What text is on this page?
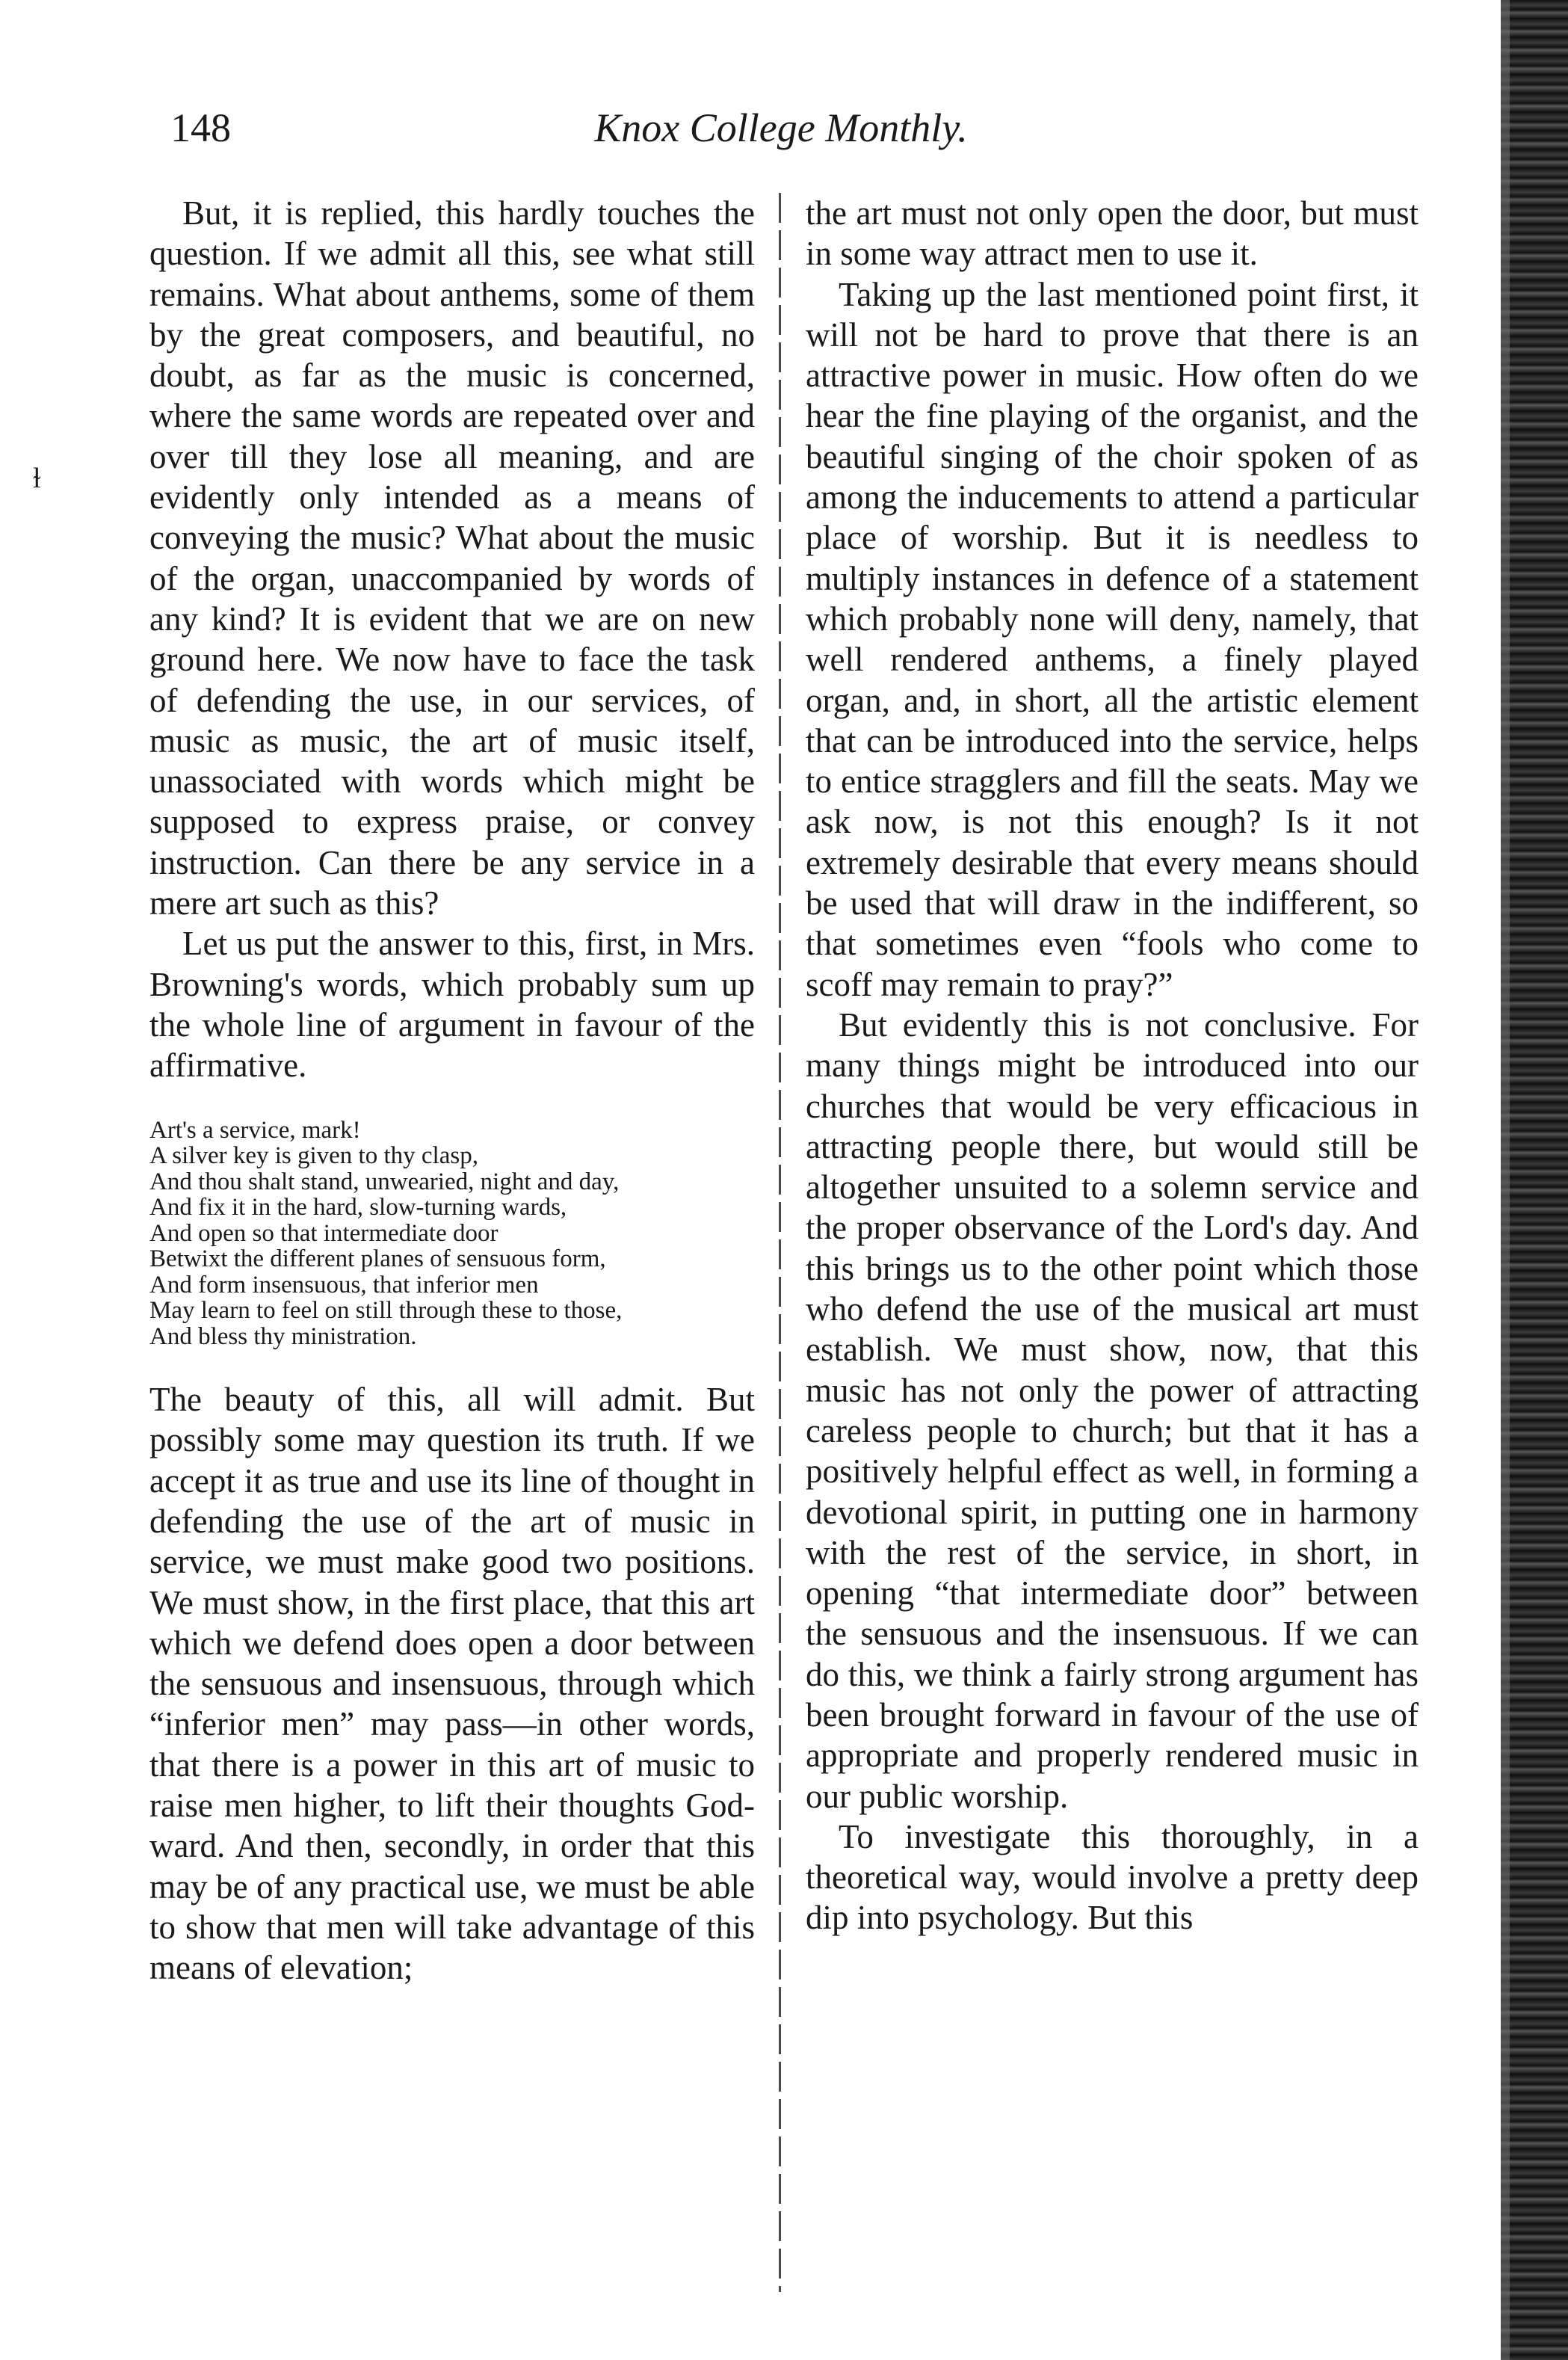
148	Knox College Monthly.
ɫ

But, it is replied, this hardly touches the question. If we admit all this, see what still remains. What about anthems, some of them by the great composers, and beautiful, no doubt, as far as the music is concerned, where the same words are repeated over and over till they lose all meaning, and are evidently only intended as a means of conveying the music? What about the music of the organ, unaccompanied by words of any kind? It is evident that we are on new ground here. We now have to face the task of defending the use, in our services, of music as music, the art of music itself, unassociated with words which might be supposed to express praise, or convey instruction. Can there be any service in a mere art such as this?

Let us put the answer to this, first, in Mrs. Browning's words, which probably sum up the whole line of argument in favour of the affirmative.

Art's a service, mark!
A silver key is given to thy clasp,
And thou shalt stand, unwearied, night and day,
And fix it in the hard, slow-turning wards,
And open so that intermediate door
Betwixt the different planes of sensuous form,
And form insensuous, that inferior men
May learn to feel on still through these to those,
And bless thy ministration.

The beauty of this, all will admit. But possibly some may question its truth. If we accept it as true and use its line of thought in defending the use of the art of music in service, we must make good two positions. We must show, in the first place, that this art which we defend does open a door between the sensuous and insensuous, through which “inferior men” may pass—in other words, that there is a power in this art of music to raise men higher, to lift their thoughts God-ward. And then, secondly, in order that this may be of any practical use, we must be able to show that men will take advantage of this means of elevation;

the art must not only open the door, but must in some way attract men to use it.

Taking up the last mentioned point first, it will not be hard to prove that there is an attractive power in music. How often do we hear the fine playing of the organist, and the beautiful singing of the choir spoken of as among the inducements to attend a particular place of worship. But it is needless to multiply instances in defence of a statement which probably none will deny, namely, that well rendered anthems, a finely played organ, and, in short, all the artistic element that can be introduced into the service, helps to entice stragglers and fill the seats. May we ask now, is not this enough? Is it not extremely desirable that every means should be used that will draw in the indifferent, so that sometimes even “fools who come to scoff may remain to pray?”

But evidently this is not conclusive. For many things might be introduced into our churches that would be very efficacious in attracting people there, but would still be altogether unsuited to a solemn service and the proper observance of the Lord's day. And this brings us to the other point which those who defend the use of the musical art must establish. We must show, now, that this music has not only the power of attracting careless people to church; but that it has a positively helpful effect as well, in forming a devotional spirit, in putting one in harmony with the rest of the service, in short, in opening “that intermediate door” between the sensuous and the insensuous. If we can do this, we think a fairly strong argument has been brought forward in favour of the use of appropriate and properly rendered music in our public worship.

To investigate this thoroughly, in a theoretical way, would involve a pretty deep dip into psychology. But this
